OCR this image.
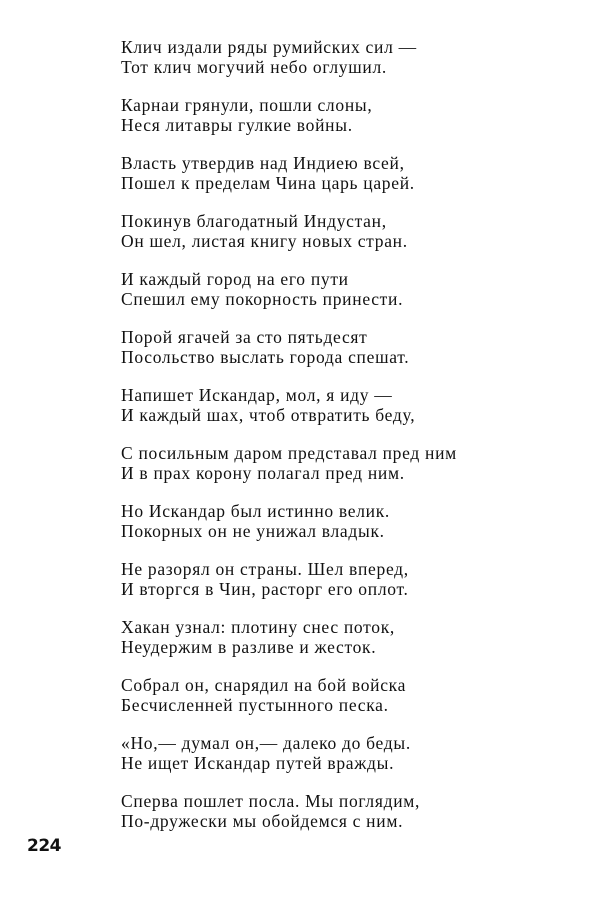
Клич издали ряды румийских сил —
Тот клич могучий небо оглушил.
Карнаи грянули, пошли слоны,
Неся литавры гулкие войны.
Власть утвердив над Индиею всей,
Пошел к пределам Чина царь царей.
Покинув благодатный Индустан,
Он шел, листая книгу новых стран.
И каждый город на его пути
Спешил ему покорность принести.
Порой ягачей за сто пятьдесят
Посольство выслать города спешат.
Напишет Искандар, мол, я иду —
И каждый шах, чтоб отвратить беду,
С посильным даром представал пред ним
И в прах корону полагал пред ним.
Но Искандар был истинно велик.
Покорных он не унижал владык.
Не разорял он страны. Шел вперед,
И вторгся в Чин, расторг его оплот.
Хакан узнал: плотину снес поток,
Неудержим в разливе и жесток.
Собрал он, снарядил на бой войска
Бесчисленней пустынного песка.
«Но,— думал он,— далеко до беды.
Не ищет Искандар путей вражды.
Сперва пошлет посла. Мы поглядим,
По-дружески мы обойдемся с ним.
224
